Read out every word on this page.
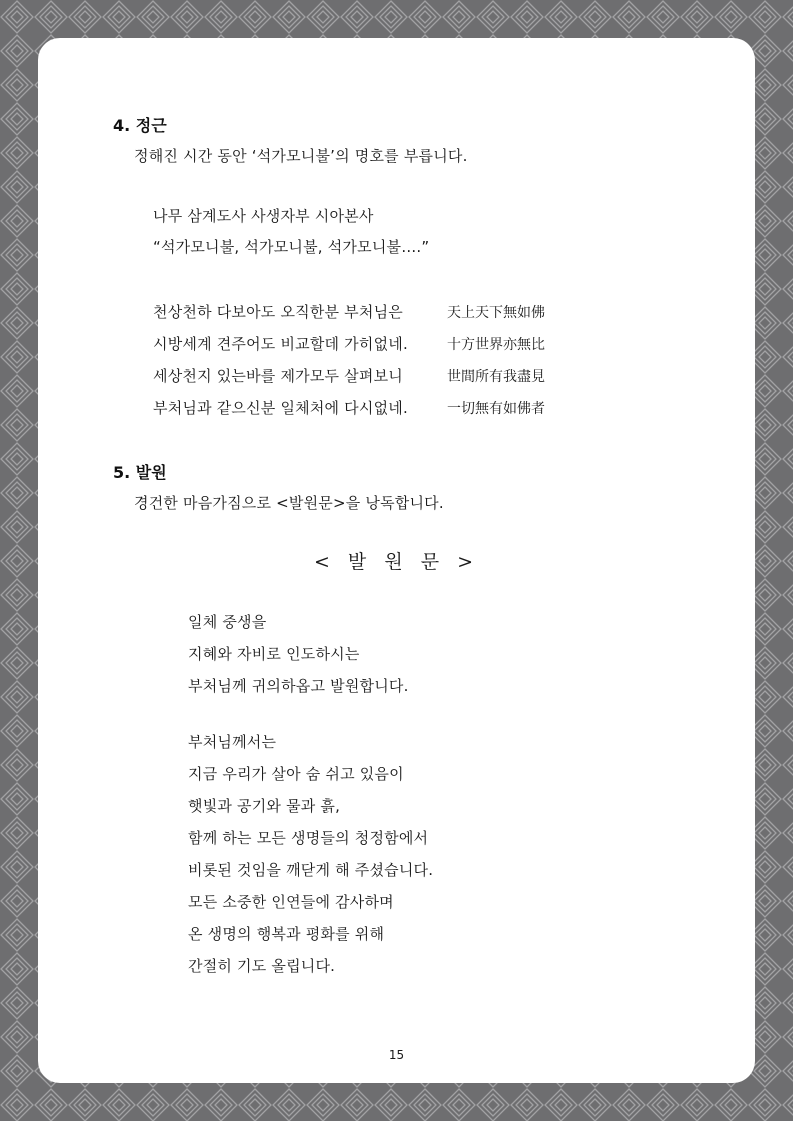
4. 정근
정해진 시간 동안 ‘석가모니불’의 명호를 부릅니다.
나무 삼계도사 사생자부 시아본사
“석가모니불, 석가모니불, 석가모니불….”
천상천하 다보아도 오직한분 부처님은	天上天下無如佛
시방세계 견주어도 비교할데 가히없네.	十方世界亦無比
세상천지 있는바를 제가모두 살펴보니	世間所有我盡見
부처님과 같으신분 일체처에 다시없네.	一切無有如佛者
5. 발원
경건한 마음가짐으로 <발원문>을 낭독합니다.
< 발 원 문 >
일체 중생을
지혜와 자비로 인도하시는
부처님께 귀의하옵고 발원합니다.
부처님께서는
지금 우리가 살아 숨 쉬고 있음이
햇빛과 공기와 물과 흙,
함께 하는 모든 생명들의 청정함에서
비롯된 것임을 깨닫게 해 주셨습니다.
모든 소중한 인연들에 감사하며
온 생명의 행복과 평화를 위해
간절히 기도 올립니다.
15
